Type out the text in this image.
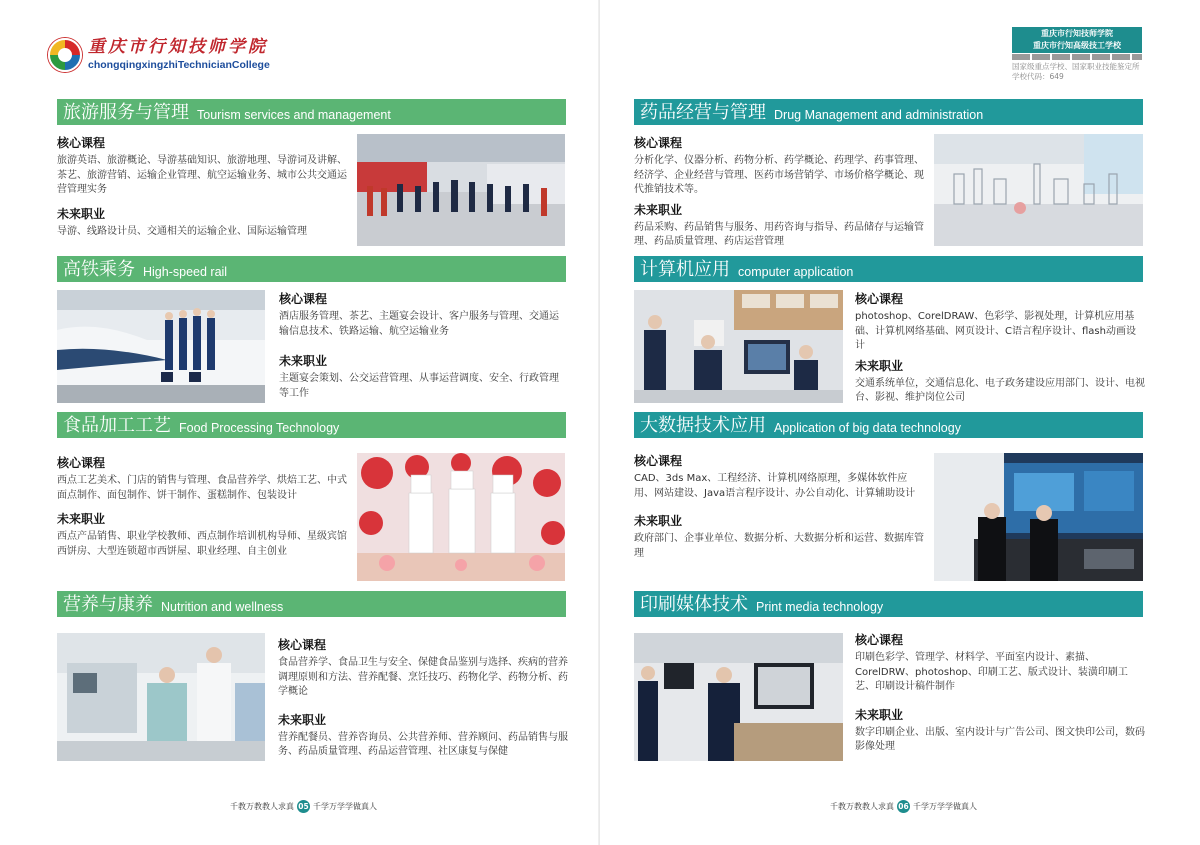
重庆市行知技师学院
chongqingxingzhiTechnicianCollege
旅游服务与管理 Tourism services and management
核心课程
旅游英语、旅游概论、导游基础知识、旅游地理、导游词及讲解、茶艺、旅游营销、运输企业管理、航空运输业务、城市公共交通运营管理实务
未来职业
导游、线路设计员、交通相关的运输企业、国际运输管理
高铁乘务 High-speed rail
核心课程
酒店服务管理、茶艺、主题宴会设计、客户服务与管理、交通运输信息技术、铁路运输、航空运输业务
未来职业
主题宴会策划、公交运营管理、从事运营调度、安全、行政管理等工作
食品加工工艺 Food Processing Technology
核心课程
西点工艺美术、门店的销售与管理、食品营养学、烘焙工艺、中式面点制作、面包制作、饼干制作、蛋糕制作、包装设计
未来职业
西点产品销售、职业学校教师、西点制作培训机构导师、星级宾馆西饼房、大型连锁超市西饼屋、职业经理、自主创业
营养与康养 Nutrition and wellness
核心课程
食品营养学、食品卫生与安全、保健食品鉴别与选择、疾病的营养调理原则和方法、营养配餐、烹饪技巧、药物化学、药物分析、药学概论
未来职业
营养配餐员、营养咨询员、公共营养师、营养顾问、药品销售与服务、药品质量管理、药品运营管理、社区康复与保健
千教万教教人求真 05 千学万学学做真人
重庆市行知技师学院
重庆市行知高级技工学校
国家级重点学校、国家职业技能鉴定所
学校代码：649
药品经营与管理 Drug Management and administration
核心课程
分析化学、仪器分析、药物分析、药学概论、药理学、药事管理、经济学、企业经营与管理、医药市场营销学、市场价格学概论、现代推销技术等。
未来职业
药品采购、药品销售与服务、用药咨询与指导、药品储存与运输管理、药品质量管理、药店运营管理
计算机应用 computer application
核心课程
photoshop、CorelDRAW、色彩学、影视处理，计算机应用基础、计算机网络基础、网页设计、C语言程序设计、flash动画设计
未来职业
交通系统单位，交通信息化、电子政务建设应用部门、设计、电视台、影视、维护岗位公司
大数据技术应用 Application of big data technology
核心课程
CAD、3ds Max、工程经济、计算机网络原理，多媒体软件应用、网站建设、Java语言程序设计、办公自动化、计算辅助设计
未来职业
政府部门、企事业单位、数据分析、大数据分析和运营、数据库管理
印刷媒体技术 Print media technology
核心课程
印刷色彩学、管理学、材料学、平面室内设计、素描、CorelDRW、photoshop、印刷工艺、版式设计、装潢印刷工艺、印刷设计稿件制作
未来职业
数字印刷企业、出版、室内设计与广告公司、图文快印公司，数码影像处理
千教万教教人求真 06 千学万学学做真人
